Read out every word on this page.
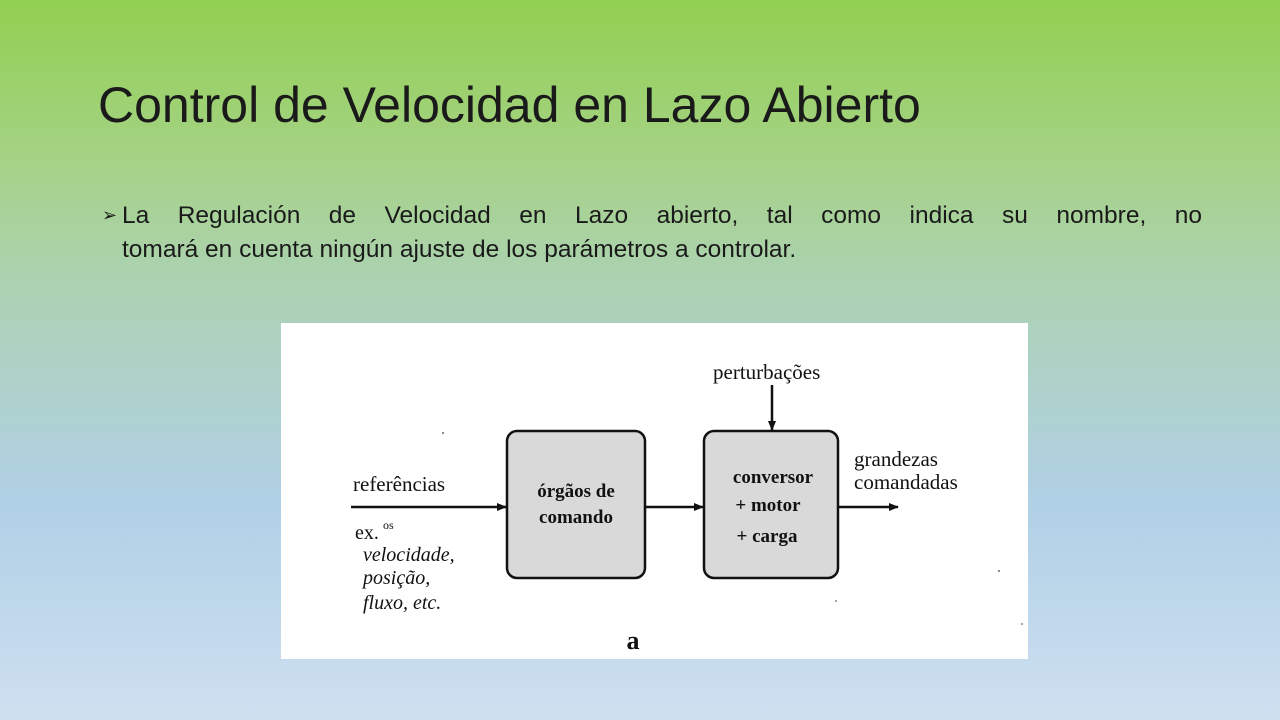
Control de Velocidad en Lazo Abierto
➢ La Regulación de Velocidad en Lazo abierto, tal como indica su nombre, no
tomará en cuenta ningún ajuste de los parámetros a controlar.
órgãos de
comando
conversor
+ motor
+ carga
referências
perturbações
grandezas
comandadas
ex. os
velocidade,
posição,
fluxo, etc.
a
